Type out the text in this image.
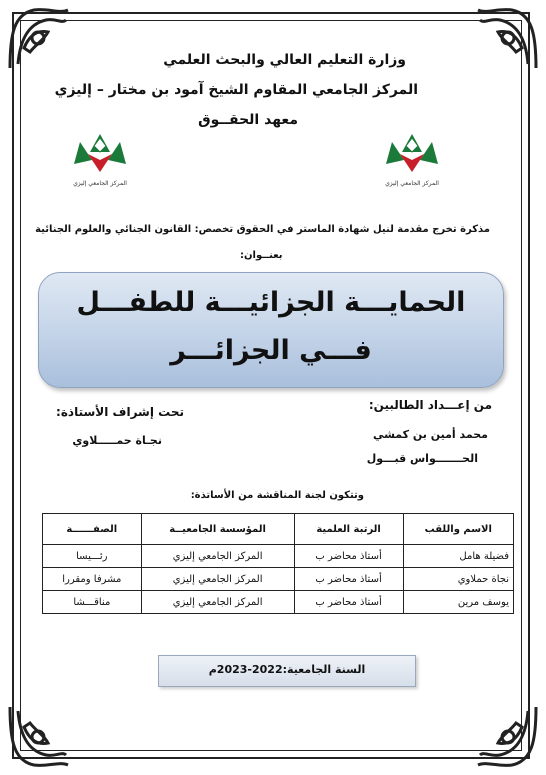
وزارة التعليم العالي والبحث العلمي
المركز الجامعي المقاوم الشيخ آمود بن مختار – إليزي
معهد الحقــوق
المركز الجامعي إليزي	المركز الجامعي إليزي
مذكرة تخرج مقدمة لنيل شهادة الماستر في الحقوق تخصص: القانون الجنائي والعلوم الجنائية
بعنــوان:
الحمايـــة الجزائيـــة للطفـــل
فـــي الجزائـــر
من إعـــداد الطالبين:
محمد أمين بن كمشي
الحـــــــواس قبـــول
تحت إشراف الأستاذة:
نجـاة حمـــــلاوي
وتتكون لجنة المناقشة من الأساتذة:
الاسم واللقب	الرتبة العلمية	المؤسسة الجامعيــة	الصفــــــة
فضيلة هامل	أستاذ محاضر ب	المركز الجامعي إليزي	رئـــيسا
نجاة حملاوي	أستاذ محاضر ب	المركز الجامعي إليزي	مشرفا ومقررا
يوسف مرين	أستاذ محاضر ب	المركز الجامعي إليزي	مناقـــشا
السنة الجامعية:2022-2023م
